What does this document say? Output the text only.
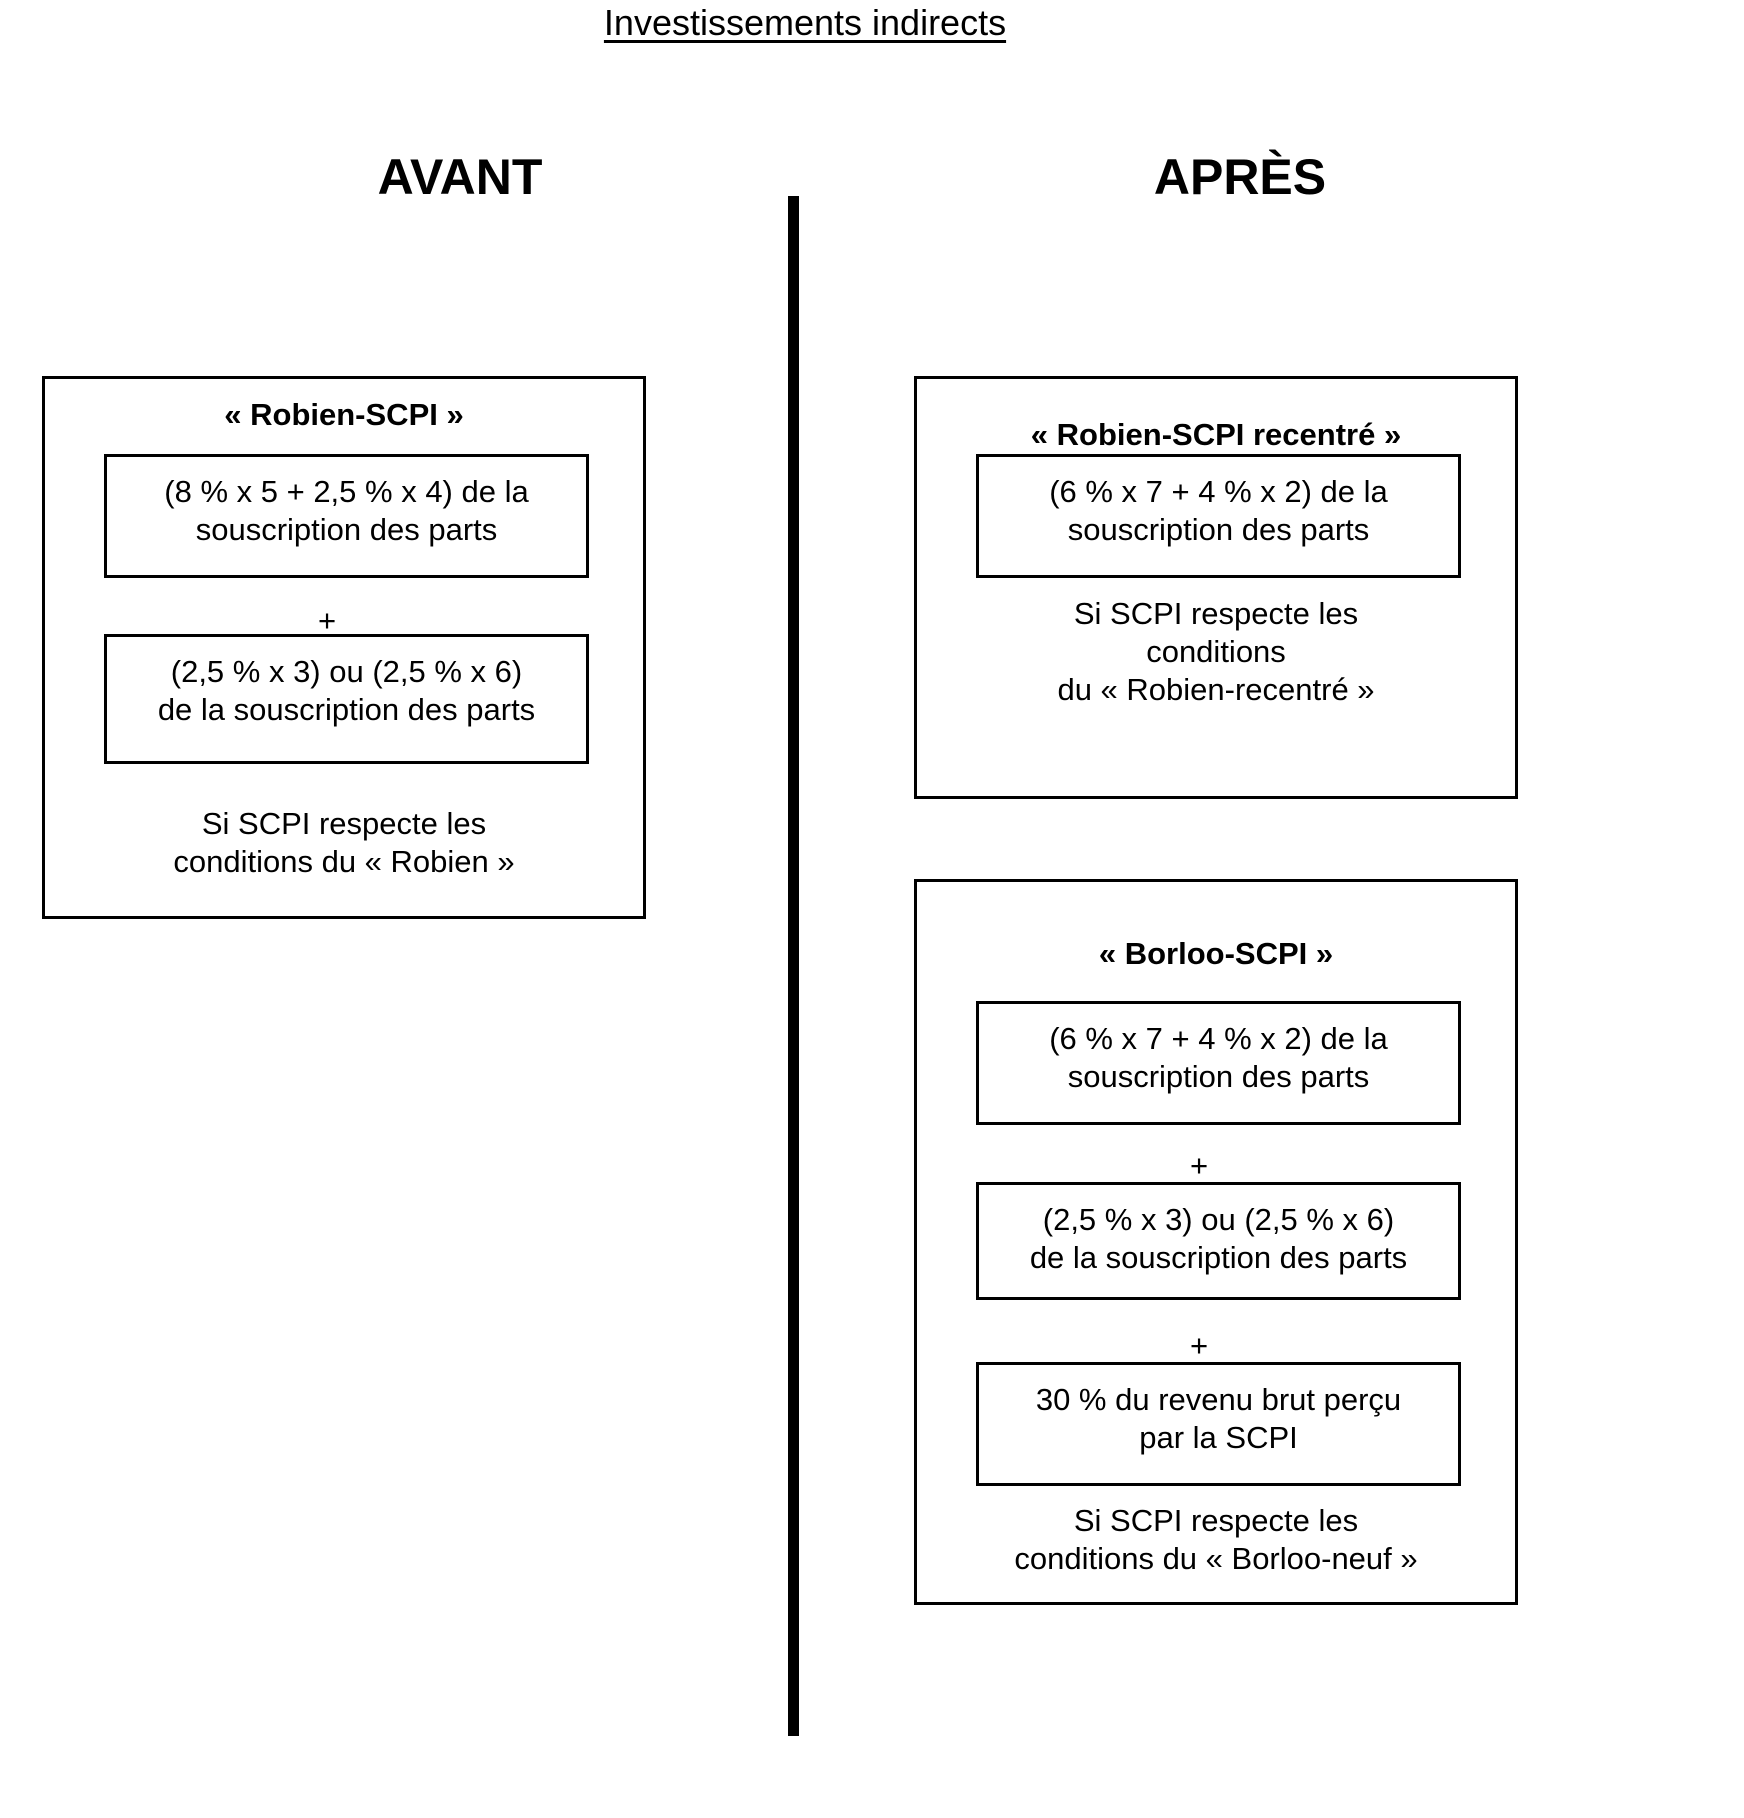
Investissements indirects
AVANT	APRÈS
« Robien-SCPI »
(8 % x 5 + 2,5 % x 4) de la
souscription des parts
+
(2,5 % x 3) ou (2,5 % x 6)
de la souscription des parts
Si SCPI respecte les
conditions du « Robien »
« Robien-SCPI recentré »
(6 % x 7 + 4 % x 2) de la
souscription des parts
Si SCPI respecte les
conditions
du « Robien-recentré »
« Borloo-SCPI »
(6 % x 7 + 4 % x 2) de la
souscription des parts
+
(2,5 % x 3) ou (2,5 % x 6)
de la souscription des parts
+
30 % du revenu brut perçu
par la SCPI
Si SCPI respecte les
conditions du « Borloo-neuf »
